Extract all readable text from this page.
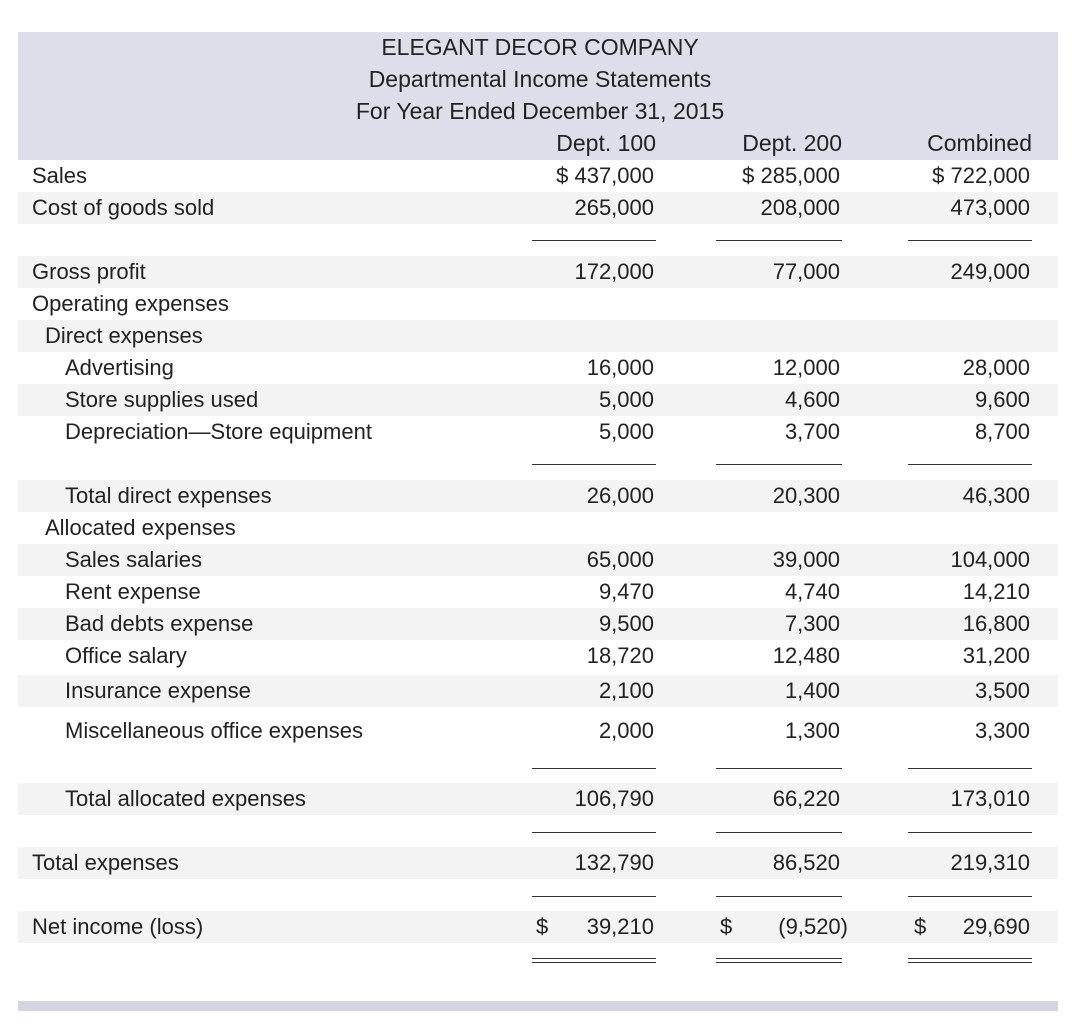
ELEGANT DECOR COMPANY
Departmental Income Statements
For Year Ended December 31, 2015
Dept. 100	Dept. 200	Combined
Sales	$ 437,000	$ 285,000	$ 722,000
Cost of goods sold	265,000	208,000	473,000
Gross profit	172,000	77,000	249,000
Operating expenses
Direct expenses
Advertising	16,000	12,000	28,000
Store supplies used	5,000	4,600	9,600
Depreciation—Store equipment	5,000	3,700	8,700
Total direct expenses	26,000	20,300	46,300
Allocated expenses
Sales salaries	65,000	39,000	104,000
Rent expense	9,470	4,740	14,210
Bad debts expense	9,500	7,300	16,800
Office salary	18,720	12,480	31,200
Insurance expense	2,100	1,400	3,500
Miscellaneous office expenses	2,000	1,300	3,300
Total allocated expenses	106,790	66,220	173,010
Total expenses	132,790	86,520	219,310
Net income (loss)	$ 39,210	$ (9,520)	$ 29,690
